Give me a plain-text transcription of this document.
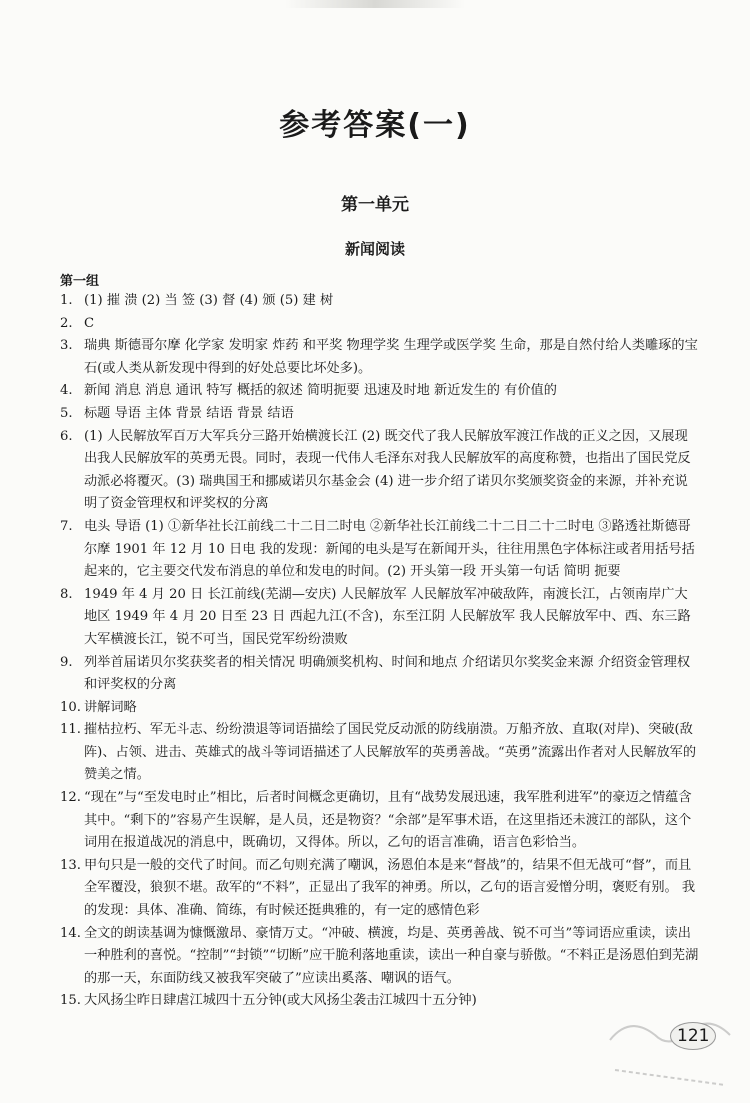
参考答案(一)
第一单元
新闻阅读
第一组
1. (1) 摧 溃 (2) 当 签 (3) 督 (4) 颁 (5) 建 树
2. C
3. 瑞典 斯德哥尔摩 化学家 发明家 炸药 和平奖 物理学奖 生理学或医学奖 生命，那是自然付给人类雕琢的宝石(或人类从新发现中得到的好处总要比坏处多)。
4. 新闻 消息 消息 通讯 特写 概括的叙述 简明扼要 迅速及时地 新近发生的 有价值的
5. 标题 导语 主体 背景 结语 背景 结语
6. (1) 人民解放军百万大军兵分三路开始横渡长江 (2) 既交代了我人民解放军渡江作战的正义之因，又展现出我人民解放军的英勇无畏。同时，表现一代伟人毛泽东对我人民解放军的高度称赞，也指出了国民党反动派必将覆灭。(3) 瑞典国王和挪威诺贝尔基金会 (4) 进一步介绍了诺贝尔奖颁奖资金的来源，并补充说明了资金管理权和评奖权的分离
7. 电头 导语 (1) ①新华社长江前线二十二日二时电 ②新华社长江前线二十二日二十二时电 ③路透社斯德哥尔摩 1901 年 12 月 10 日电 我的发现：新闻的电头是写在新闻开头，往往用黑色字体标注或者用括号括起来的，它主要交代发布消息的单位和发电的时间。(2) 开头第一段 开头第一句话 简明 扼要
8. 1949 年 4 月 20 日 长江前线(芜湖—安庆) 人民解放军 人民解放军冲破敌阵，南渡长江，占领南岸广大地区 1949 年 4 月 20 日至 23 日 西起九江(不含)，东至江阴 人民解放军 我人民解放军中、西、东三路大军横渡长江，锐不可当，国民党军纷纷溃败
9. 列举首届诺贝尔奖获奖者的相关情况 明确颁奖机构、时间和地点 介绍诺贝尔奖奖金来源 介绍资金管理权和评奖权的分离
10. 讲解词略
11. 摧枯拉朽、军无斗志、纷纷溃退等词语描绘了国民党反动派的防线崩溃。万船齐放、直取(对岸)、突破(敌阵)、占领、进击、英雄式的战斗等词语描述了人民解放军的英勇善战。“英勇”流露出作者对人民解放军的赞美之情。
12. “现在”与“至发电时止”相比，后者时间概念更确切，且有“战势发展迅速，我军胜利进军”的豪迈之情蕴含其中。“剩下的”容易产生误解，是人员，还是物资？“余部”是军事术语，在这里指还未渡江的部队，这个词用在报道战况的消息中，既确切，又得体。所以，乙句的语言准确，语言色彩恰当。
13. 甲句只是一般的交代了时间。而乙句则充满了嘲讽，汤恩伯本是来“督战”的，结果不但无战可“督”，而且全军覆没，狼狈不堪。敌军的“不料”，正显出了我军的神勇。所以，乙句的语言爱憎分明，褒贬有别。 我的发现：具体、准确、简练，有时候还挺典雅的，有一定的感情色彩
14. 全文的朗读基调为慷慨激昂、豪情万丈。“冲破、横渡，均是、英勇善战、锐不可当”等词语应重读，读出一种胜利的喜悦。“控制”“封锁”“切断”应干脆利落地重读，读出一种自豪与骄傲。“不料正是汤恩伯到芜湖的那一天，东面防线又被我军突破了”应读出奚落、嘲讽的语气。
15. 大风扬尘昨日肆虐江城四十五分钟(或大风扬尘袭击江城四十五分钟)
121
